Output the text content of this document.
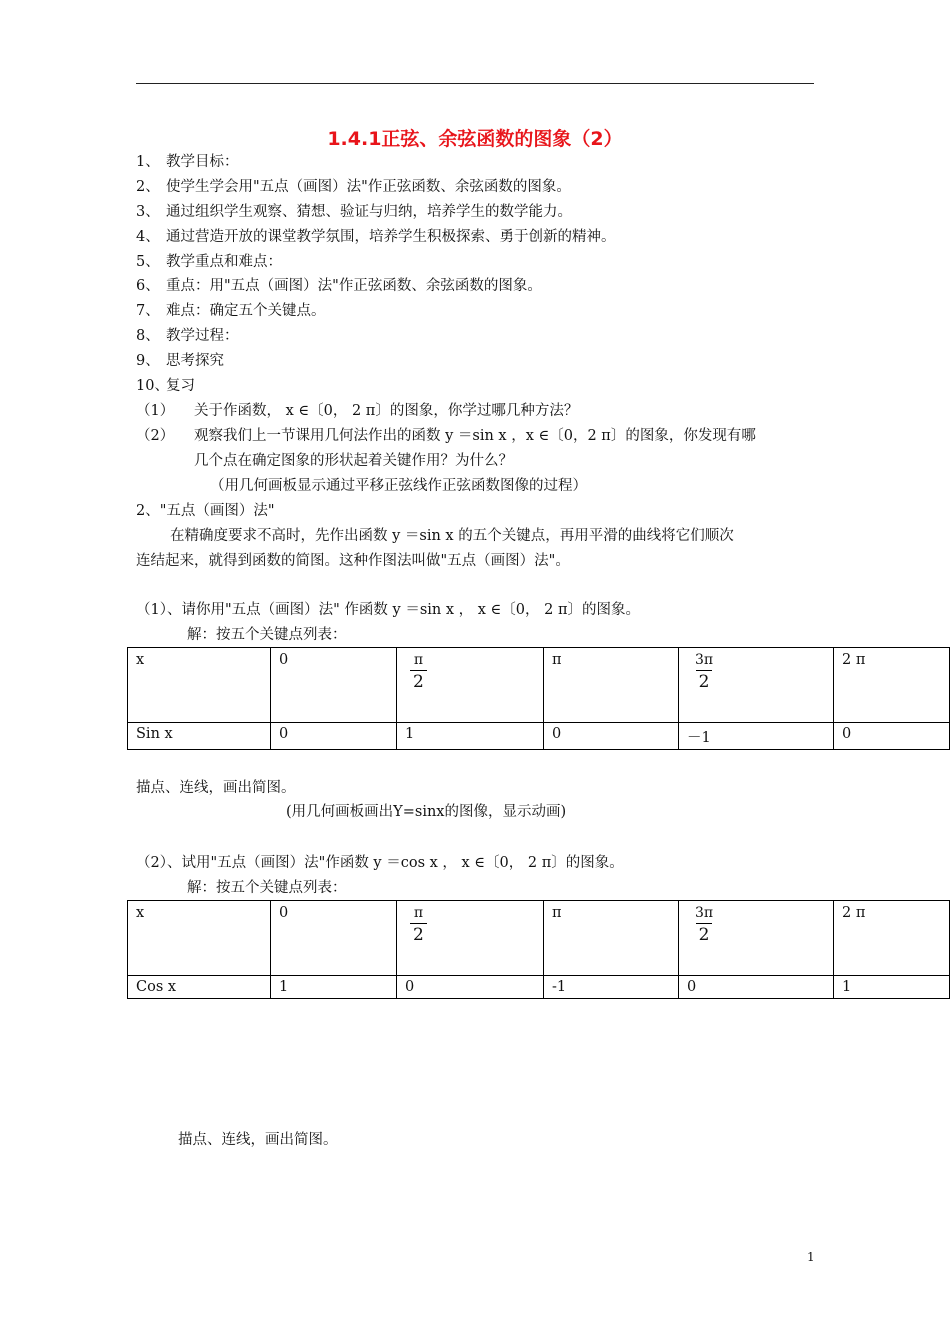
1.4.1正弦、余弦函数的图象（2）
1、 教学目标：
2、 使学生学会用"五点（画图）法"作正弦函数、余弦函数的图象。
3、 通过组织学生观察、猜想、验证与归纳，培养学生的数学能力。
4、 通过营造开放的课堂教学氛围，培养学生积极探索、勇于创新的精神。
5、 教学重点和难点：
6、 重点：用"五点（画图）法"作正弦函数、余弦函数的图象。
7、 难点：确定五个关键点。
8、 教学过程：
9、 思考探究
10、复习
（1） 关于作函数， x ∈〔0， 2 π〕的图象，你学过哪几种方法？
（2） 观察我们上一节课用几何法作出的函数 y ＝sin x ，x ∈〔0，2 π〕的图象，你发现有哪
几个点在确定图象的形状起着关键作用？为什么？
（用几何画板显示通过平移正弦线作正弦函数图像的过程）
2、"五点（画图）法"
在精确度要求不高时，先作出函数 y ＝sin x 的五个关键点，再用平滑的曲线将它们顺次
连结起来，就得到函数的简图。这种作图法叫做"五点（画图）法"。
（1）、请你用"五点（画图）法" 作函数 y ＝sin x ， x ∈〔0， 2 π〕的图象。
解：按五个关键点列表：
x	0	$\frac{\pi}{2}$	π	$\frac{3\pi}{2}$	2 π
Sin x	0	1	0	－1	0
描点、连线，画出简图。
(用几何画板画出Y=sinx的图像，显示动画)
（2）、试用"五点（画图）法"作函数 y ＝cos x ， x ∈〔0， 2 π〕的图象。
解：按五个关键点列表：
x	0	$\frac{\pi}{2}$	π	$\frac{3\pi}{2}$	2 π
Cos x	1	0	-1	0	1
描点、连线，画出简图。
1
